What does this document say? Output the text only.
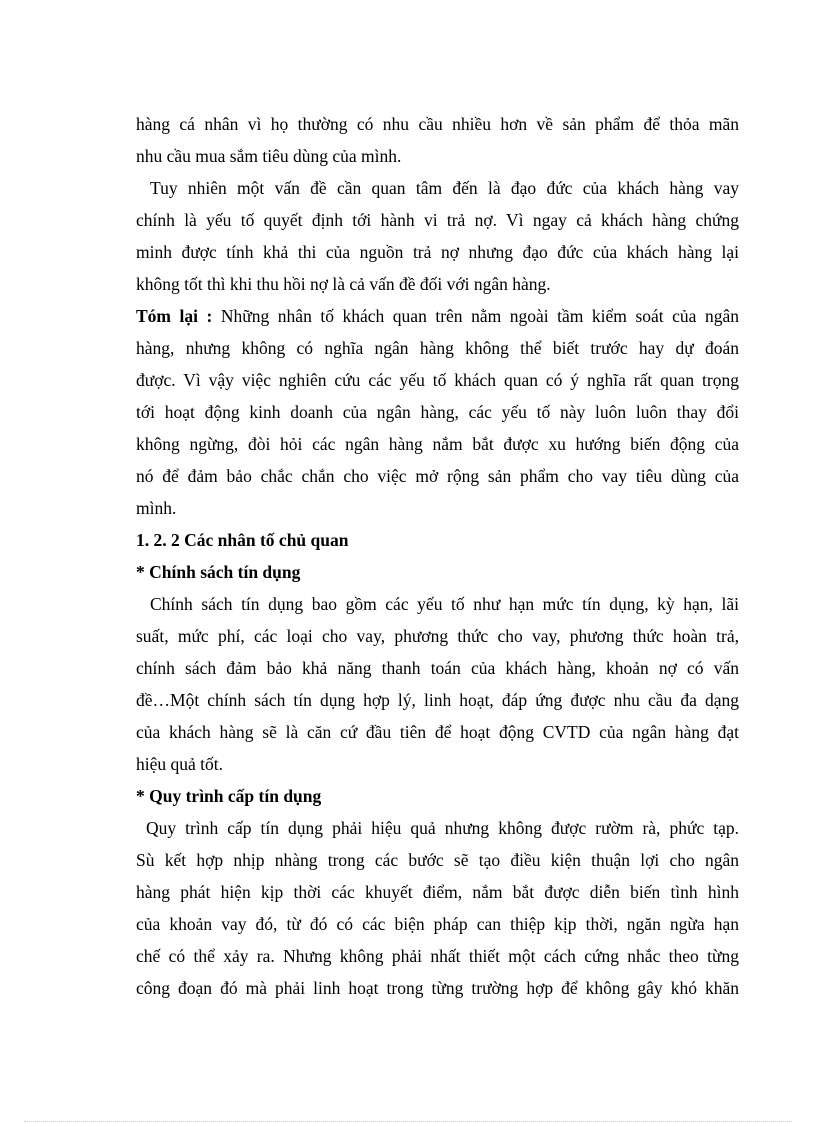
hàng cá nhân vì họ thường có nhu cầu nhiều hơn về sản phẩm để thỏa mãn
nhu cầu mua sắm tiêu dùng của mình.
Tuy nhiên một vấn đề cần quan tâm đến là đạo đức của khách hàng vay
chính là yếu tố quyết định tới hành vi trả nợ. Vì ngay cả khách hàng chứng
minh được tính khả thi của nguồn trả nợ nhưng đạo đức của khách hàng lại
không tốt thì khi thu hồi nợ là cả vấn đề đối với ngân hàng.
Tóm lại : Những nhân tố khách quan trên nằm ngoài tầm kiểm soát của ngân
hàng, nhưng không có nghĩa ngân hàng không thể biết trước hay dự đoán
được. Vì vậy việc nghiên cứu các yếu tố khách quan có ý nghĩa rất quan trọng
tới hoạt động kinh doanh của ngân hàng, các yếu tố này luôn luôn thay đổi
không ngừng, đòi hỏi các ngân hàng nắm bắt được xu hướng biến động của
nó để đảm bảo chắc chắn cho việc mở rộng sản phẩm cho vay tiêu dùng của
mình.
1. 2. 2 Các nhân tố chủ quan
* Chính sách tín dụng
Chính sách tín dụng bao gồm các yếu tố như hạn mức tín dụng, kỳ hạn, lãi
suất, mức phí, các loại cho vay, phương thức cho vay, phương thức hoàn trả,
chính sách đảm bảo khả năng thanh toán của khách hàng, khoản nợ có vấn
đề…Một chính sách tín dụng hợp lý, linh hoạt, đáp ứng được nhu cầu đa dạng
của khách hàng sẽ là căn cứ đầu tiên để hoạt động CVTD của ngân hàng đạt
hiệu quả tốt.
* Quy trình cấp tín dụng
Quy trình cấp tín dụng phải hiệu quả nhưng không được rườm rà, phức tạp.
Sù kết hợp nhịp nhàng trong các bước sẽ tạo điều kiện thuận lợi cho ngân
hàng phát hiện kịp thời các khuyết điểm, nắm bắt được diễn biến tình hình
của khoản vay đó, từ đó có các biện pháp can thiệp kịp thời, ngăn ngừa hạn
chế có thể xảy ra. Nhưng không phải nhất thiết một cách cứng nhắc theo từng
công đoạn đó mà phải linh hoạt trong từng trường hợp để không gây khó khăn
